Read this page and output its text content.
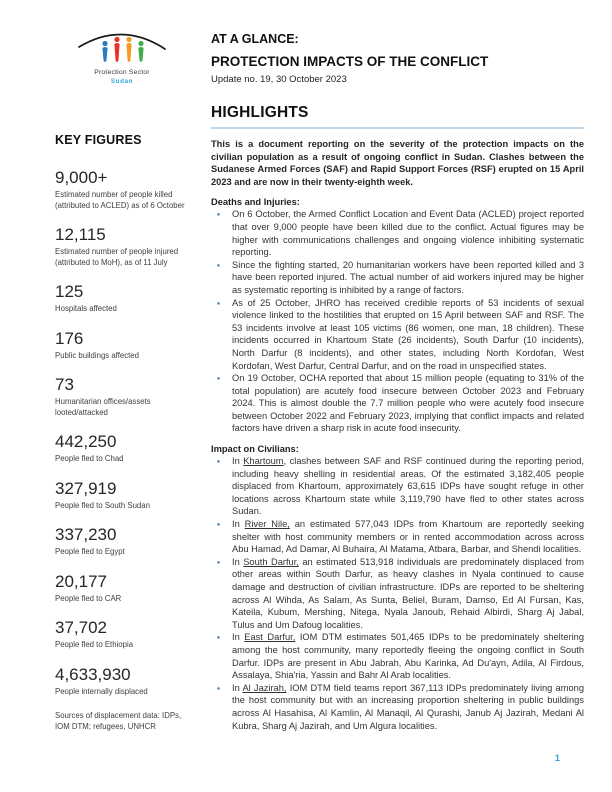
Protection Sector
Sudan
AT A GLANCE:
PROTECTION IMPACTS OF THE CONFLICT
Update no. 19, 30 October 2023
KEY FIGURES
9,000+
Estimated number of people killed (attributed to ACLED) as of 6 October
12,115
Estimated number of people injured (attributed to MoH), as of 11 July
125
Hospitals affected
176
Public buildings affected
73
Humanitarian offices/assets looted/attacked
442,250
People fled to Chad
327,919
People fled to South Sudan
337,230
People fled to Egypt
20,177
People fled to CAR
37,702
People fled to Ethiopia
4,633,930
People internally displaced
Sources of displacement data: IDPs, IOM DTM; refugees, UNHCR
HIGHLIGHTS

This is a document reporting on the severity of the protection impacts on the civilian population as a result of ongoing conflict in Sudan. Clashes between the Sudanese Armed Forces (SAF) and Rapid Support Forces (RSF) erupted on 15 April 2023 and are now in their twenty-eighth week.

Deaths and Injuries:
▪ On 6 October, the Armed Conflict Location and Event Data (ACLED) project reported that over 9,000 people have been killed due to the conflict. Actual figures may be higher with communications challenges and ongoing violence inhibiting systematic reporting.
▪ Since the fighting started, 20 humanitarian workers have been reported killed and 3 have been reported injured. The actual number of aid workers injured may be higher as systematic reporting is inhibited by a range of factors.
▪ As of 25 October, JHRO has received credible reports of 53 incidents of sexual violence linked to the hostilities that erupted on 15 April between SAF and RSF. The 53 incidents involve at least 105 victims (86 women, one man, 18 children). These incidents occurred in Khartoum State (26 incidents), South Darfur (10 incidents), North Darfur (8 incidents), and other states, including North Kordofan, West Kordofan, West Darfur, Central Darfur, and on the road in unspecified states.
▪ On 19 October, OCHA reported that about 15 million people (equating to 31% of the total population) are acutely food insecure between October 2023 and February 2024. This is almost double the 7.7 million people who were acutely food insecure between October 2022 and February 2023, implying that conflict impacts and related factors have driven a sharp risk in acute food insecurity.
Impact on Civilians:
▪ In Khartoum, clashes between SAF and RSF continued during the reporting period, including heavy shelling in residential areas. Of the estimated 3,182,405 people displaced from Khartoum, approximately 63,615 IDPs have sought refuge in other locations across Khartoum state while 3,119,790 have fled to other states across Sudan.
▪ In River Nile, an estimated 577,043 IDPs from Khartoum are reportedly seeking shelter with host community members or in rented accommodation across across Abu Hamad, Ad Damar, Al Buhaira, Al Matama, Atbara, Barbar, and Shendi localities.
▪ In South Darfur, an estimated 513,918 individuals are predominately displaced from other areas within South Darfur, as heavy clashes in Nyala continued to cause damage and destruction of civilian infrastructure. IDPs are reported to be sheltering across Al Wihda, As Salam, As Sunta, Beliel, Buram, Damso, Ed Al Fursan, Kas, Kateila, Kubum, Mershing, Nitega, Nyala Janoub, Rehaid Albirdi, Sharg Aj Jabal, Tulus and Um Dafoug localities.
▪ In East Darfur, IOM DTM estimates 501,465 IDPs to be predominately sheltering among the host community, many reportedly fleeing the ongoing conflict in South Darfur. IDPs are present in Abu Jabrah, Abu Karinka, Ad Du'ayn, Adila, Al Firdous, Assalaya, Shia'ria, Yassin and Bahr Al Arab localities.
▪ In Al Jazirah, IOM DTM field teams report 367,113 IDPs predominately living among the host community but with an increasing proportion sheltering in public buildings across Al Hasahisa, Al Kamlin, Al Manaqil, Al Qurashi, Janub Aj Jazirah, Medani Al Kubra, Sharg Aj Jazirah, and Um Algura localities.
1
